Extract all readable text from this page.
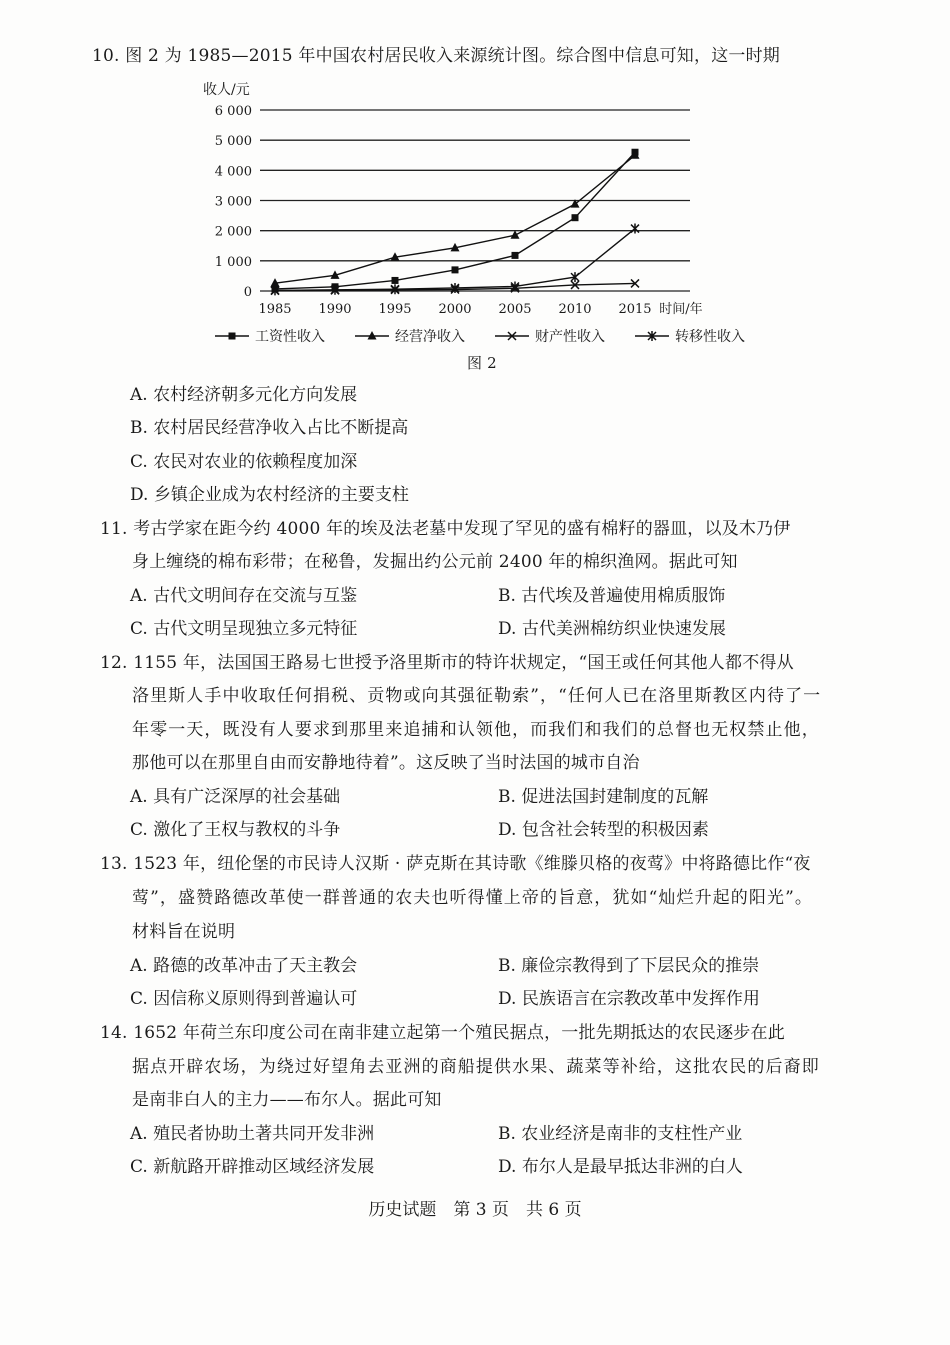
10. 图 2 为 1985—2015 年中国农村居民收入来源统计图。综合图中信息可知，这一时期
收人/元
0
1 000
2 000
3 000
4 000
5 000
6 000
1985 1990 1995 2000 2005 2010 2015 时间/年
工资性收入	经营净收入	财产性收入	转移性收入
图 2
A. 农村经济朝多元化方向发展
B. 农村居民经营净收入占比不断提高
C. 农民对农业的依赖程度加深
D. 乡镇企业成为农村经济的主要支柱
11. 考古学家在距今约 4000 年的埃及法老墓中发现了罕见的盛有棉籽的器皿，以及木乃伊
身上缠绕的棉布彩带；在秘鲁，发掘出约公元前 2400 年的棉织渔网。据此可知
A. 古代文明间存在交流与互鉴	B. 古代埃及普遍使用棉质服饰
C. 古代文明呈现独立多元特征	D. 古代美洲棉纺织业快速发展
12. 1155 年，法国国王路易七世授予洛里斯市的特许状规定，“国王或任何其他人都不得从
洛里斯人手中收取任何捐税、贡物或向其强征勒索”，“任何人已在洛里斯教区内待了一
年零一天，既没有人要求到那里来追捕和认领他，而我们和我们的总督也无权禁止他，
那他可以在那里自由而安静地待着”。这反映了当时法国的城市自治
A. 具有广泛深厚的社会基础	B. 促进法国封建制度的瓦解
C. 激化了王权与教权的斗争	D. 包含社会转型的积极因素
13. 1523 年，纽伦堡的市民诗人汉斯 · 萨克斯在其诗歌《维滕贝格的夜莺》中将路德比作“夜
莺”，盛赞路德改革使一群普通的农夫也听得懂上帝的旨意，犹如“灿烂升起的阳光”。
材料旨在说明
A. 路德的改革冲击了天主教会	B. 廉俭宗教得到了下层民众的推崇
C. 因信称义原则得到普遍认可	D. 民族语言在宗教改革中发挥作用
14. 1652 年荷兰东印度公司在南非建立起第一个殖民据点，一批先期抵达的农民逐步在此
据点开辟农场，为绕过好望角去亚洲的商船提供水果、蔬菜等补给，这批农民的后裔即
是南非白人的主力——布尔人。据此可知
A. 殖民者协助土著共同开发非洲	B. 农业经济是南非的支柱性产业
C. 新航路开辟推动区域经济发展	D. 布尔人是最早抵达非洲的白人
历史试题　第 3 页　共 6 页
